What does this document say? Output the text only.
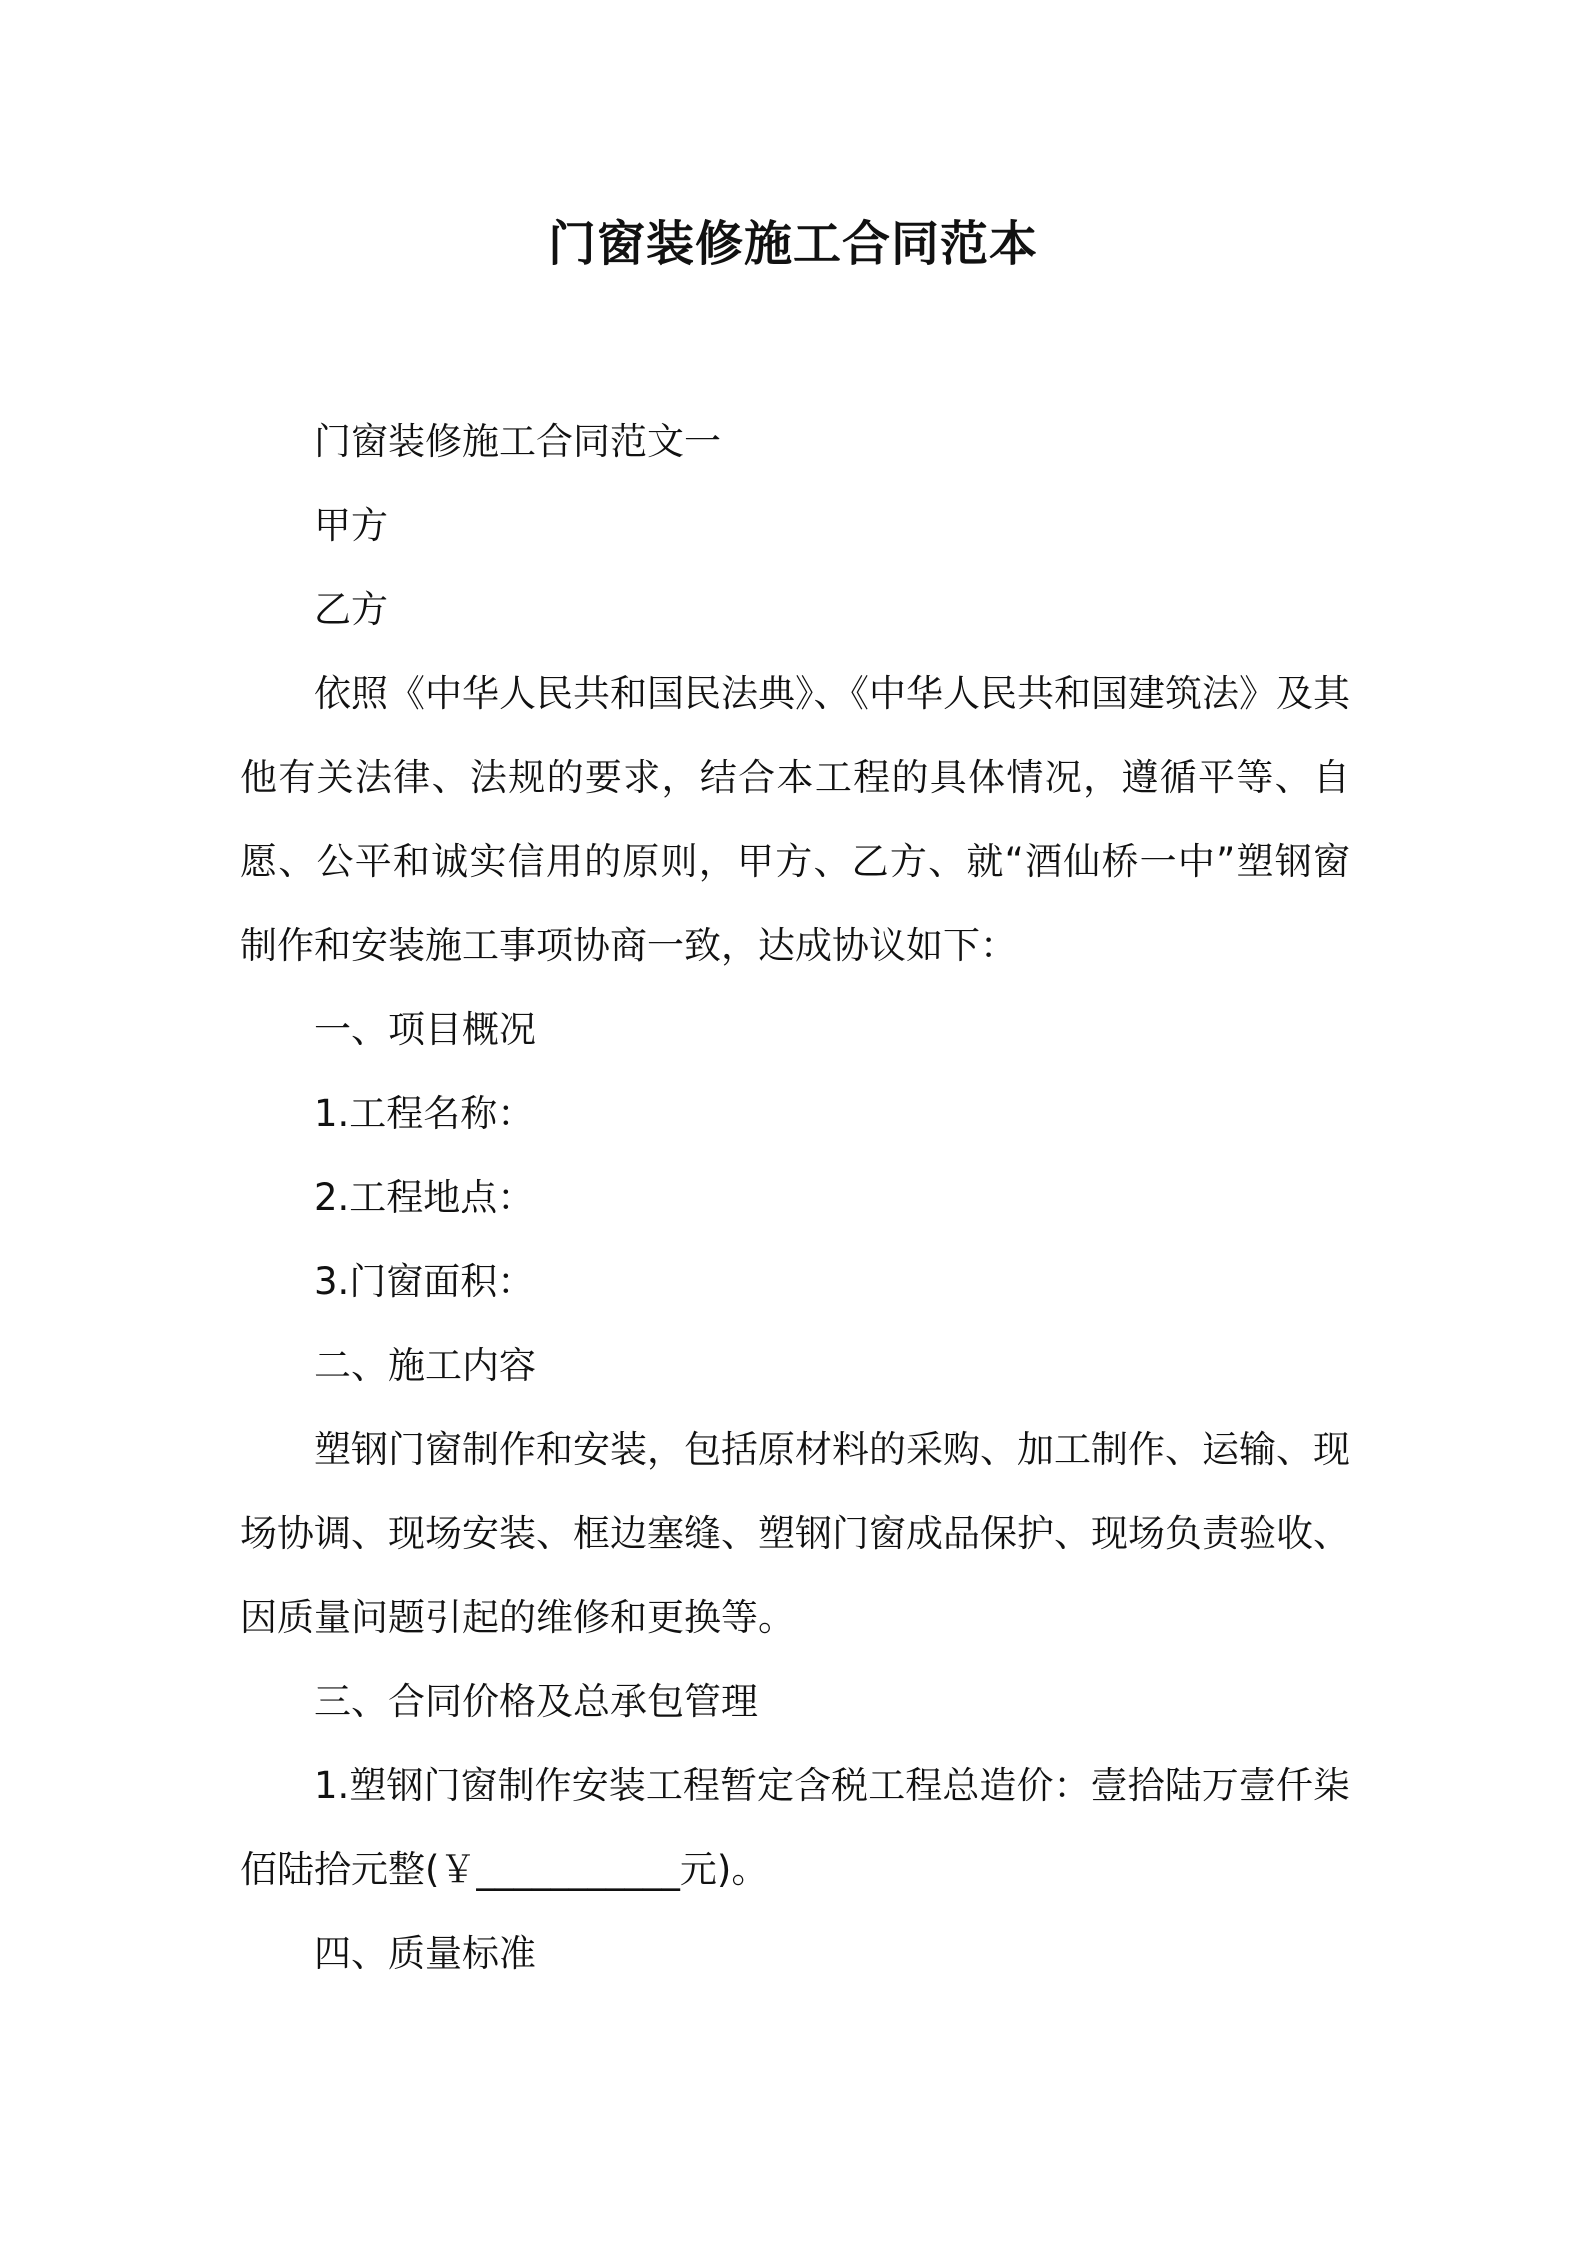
门窗装修施工合同范本

门窗装修施工合同范文一

甲方

乙方

依照《中华人民共和国民法典》、《中华人民共和国建筑法》及其他有关法律、法规的要求，结合本工程的具体情况，遵循平等、自愿、公平和诚实信用的原则，甲方、乙方、就“酒仙桥一中”塑钢窗制作和安装施工事项协商一致，达成协议如下：

一、项目概况

1.工程名称：

2.工程地点：

3.门窗面积：

二、施工内容

塑钢门窗制作和安装，包括原材料的采购、加工制作、运输、现场协调、现场安装、框边塞缝、塑钢门窗成品保护、现场负责验收、因质量问题引起的维修和更换等。

三、合同价格及总承包管理

1.塑钢门窗制作安装工程暂定含税工程总造价：壹拾陆万壹仟柒佰陆拾元整(￥___________元)。

四、质量标准
